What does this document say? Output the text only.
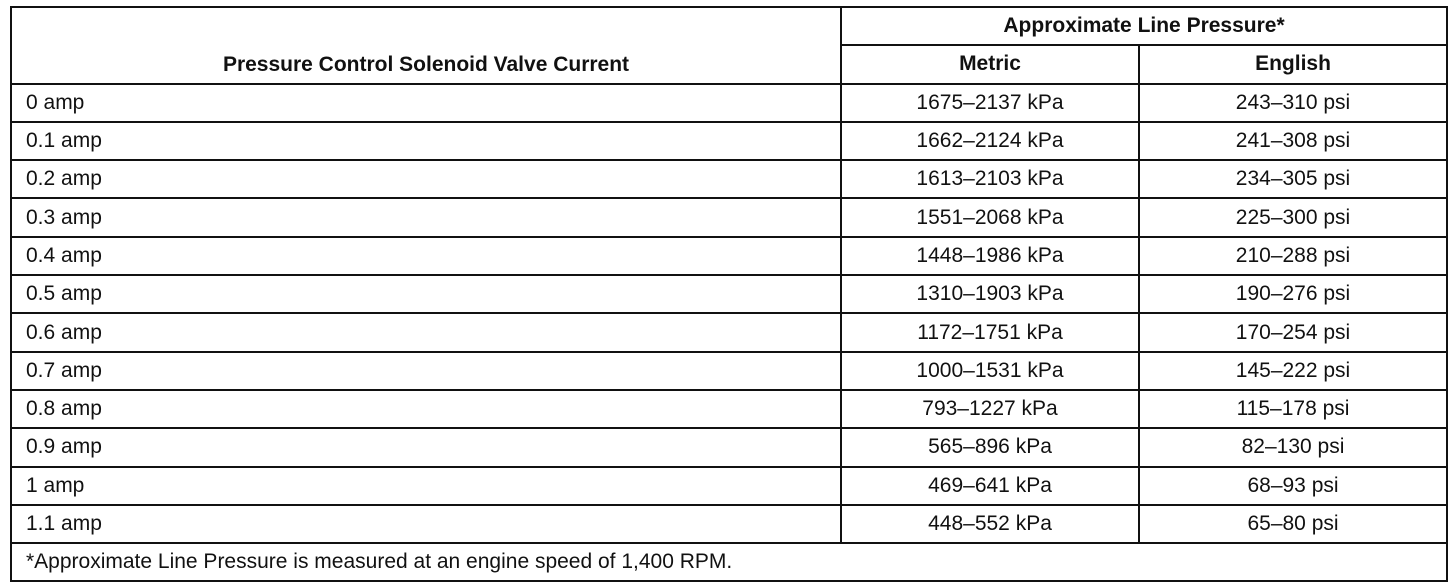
Pressure Control Solenoid Valve Current	Approximate Line Pressure*	
	Metric	English
0 amp	1675–2137 kPa	243–310 psi
0.1 amp	1662–2124 kPa	241–308 psi
0.2 amp	1613–2103 kPa	234–305 psi
0.3 amp	1551–2068 kPa	225–300 psi
0.4 amp	1448–1986 kPa	210–288 psi
0.5 amp	1310–1903 kPa	190–276 psi
0.6 amp	1172–1751 kPa	170–254 psi
0.7 amp	1000–1531 kPa	145–222 psi
0.8 amp	793–1227 kPa	115–178 psi
0.9 amp	565–896 kPa	82–130 psi
1 amp	469–641 kPa	68–93 psi
1.1 amp	448–552 kPa	65–80 psi
*Approximate Line Pressure is measured at an engine speed of 1,400 RPM.		
